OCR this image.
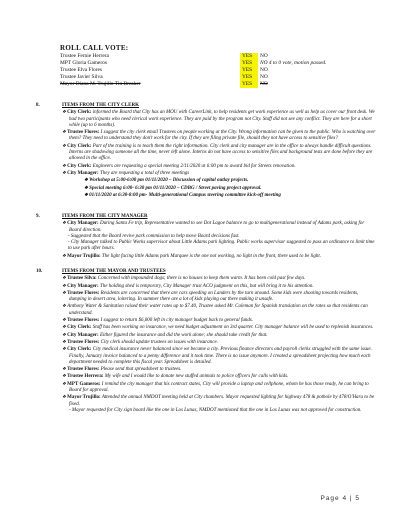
ROLL CALL VOTE:
Trustee Fernie Herrera	YES	NO
MPT Gloria Gameros	YES	NO 4 to 0 vote, motion passed.
Trustee Elva Flores	YES	NO
Trustee Javier Silva	YES	NO
Mayor Diana M. Trujillo Tin Breaker	YES	NO
8.	ITEMS FROM THE CITY CLERK
❖ City Clerk: informed the Board that City has an MOU with CareerLink, to help residents get work experience as well as help us cover our front desk. We had two participants who need clerical work experience. They are paid by the program not City. Staff did not see any conflict. They are here for a short while (up to 6 months).
❖ Trustee Flores: I suggest the city clerk email Trustees on people working at the City. Wrong information can be given to the public. Who is watching over them? They need to understand they don't work for the city. If they are filing private file, should they not have access to sensitive files?
❖ City Clerk: Part of the training is to teach them the right information. City clerk and city manager are in the office to always handle difficult questions. Interns are shadowing someone all the time, never left alone. Interns do not have access to sensitive files and background tests are done before they are allowed in the office.
❖ City Clerk: Engineers are requesting a special meeting 2/11/2020 at 6:00 pm to award bid for Streets renovation.
❖ City Manager: They are requesting a total of three meetings
❖ Workshop at 5:00-6:00 pm 01/11/2020 – Discussion of capital outlay projects.
❖ Special meeting 6:00- 6:30 pm 01/11/2020 – CDBG / Street paving project approval.
❖ 01/11/2020 at 6:30-8:00 pm- Multi-generational Campus steering committee kick-off meeting
9.	ITEMS FROM THE CITY MANAGER
❖ City Manager: During Santa Fe trip, Representative wanted to see Dot Lagoe balance to go to multigenerational instead of Adams park, asking for Board direction.
- Suggested that the Board revive park commission to help move Board decisions fast.
- City Manager talked to Public Works supervisor about Little Adams park lighting. Public works supervisor suggested to pass an ordinance to limit time to use park after hours.
❖ Mayor Trujillo: The light facing little Adams park Marquee is the one not working, no light in the front, there used to be light.
10.	ITEMS FROM THE MAYOR AND TRUSTEES
❖ Trustee Silva: Concerned with impounded dogs; there is no houses to keep them warm. It has been cold past few days.
❖ City Manager: The holding shed is temporary, City Manager trust ACO judgment on this, but will bring it to his attention.
❖ Trustee Flores: Residents are concerned that there are cars speeding on Landers by the turn around. Some kids were shooting towards residents, dumping in desert area, loitering. In summer there are a lot of kids playing out there making it unsafe.
❖ Anthony Water & Sanitation raised their water rates up to $7.40, Trustee asked Mr. Coleman for Spanish translation on the rates so that residents can understand.
❖ Trustee Flores: I suggest to return $6,000 left in city manager budget back to general funds.
❖ City Clerk: Staff has been working on insurance, we need budget adjustment on 3rd quarter. City manager balance will be used to replenish insurances.
❖ City Manager: Either figured the insurance and did the work alone; she should take credit for that.
❖ Trustee Flores: City clerk should update trustees on issues with insurance.
❖ City Clerk: City medical insurance never balanced since we became a city. Previous finance directors and payroll clerks struggled with the same issue. Finally, January invoice balanced to a penny difference and it took time. There is no issue anymore. I created a spreadsheet projecting how much each department needed to complete this fiscal year. Spreadsheet is detailed.
❖ Trustee Flores: Please send that spreadsheet to trustees.
❖ Trustee Herrera: My wife and I would like to donate new stuffed animals to police officers for calls with kids.
❖ MPT Gameros: I remind the city manager that his contract states, City will provide a laptop and cellphone, whom he has those ready, he can bring to Board for approval.
❖ Mayor Trujillo: Attended the annual NMDOT meeting held at City chambers. Mayor requested lighting for highway 478 & pothole by 478/O'Hara to be fixed.
- Mayor requested for City sign board like the one in Los Lunas, NMDOT mentioned that the one in Los Lunas was not approved for construction.
Page 4 | 5
